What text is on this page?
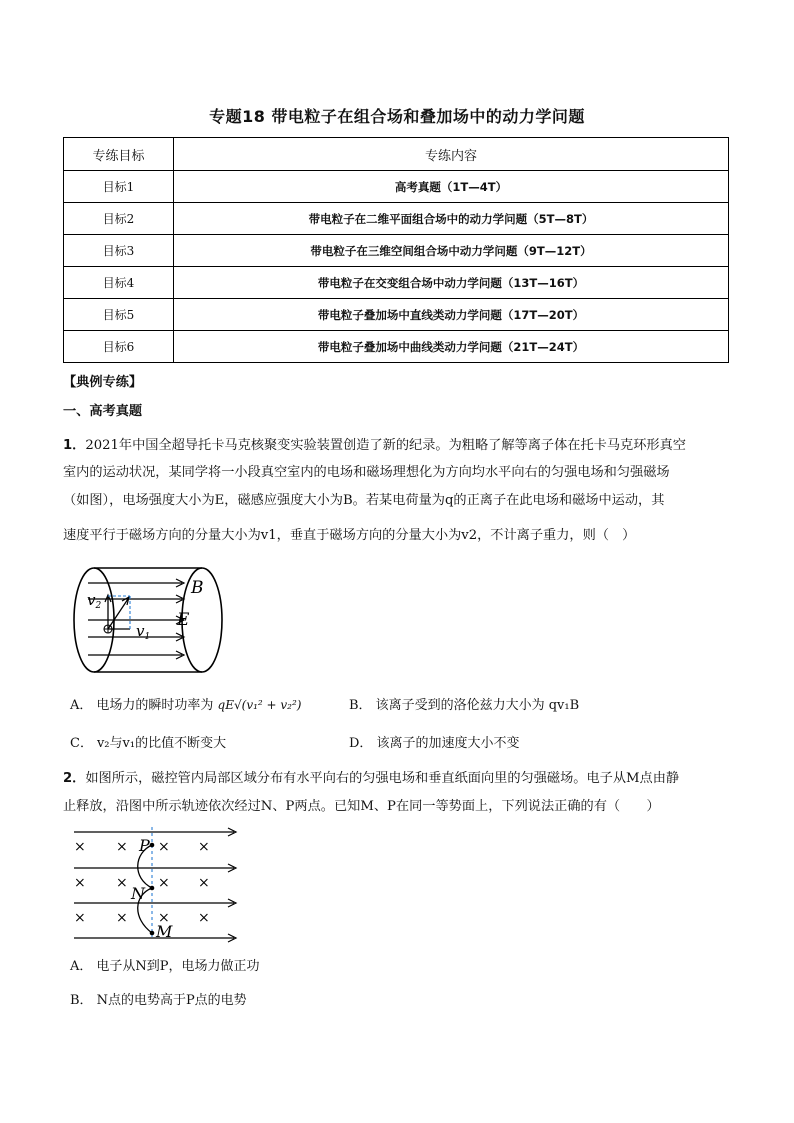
专题18 带电粒子在组合场和叠加场中的动力学问题
专练目标	专练内容
目标1	高考真题（1T—4T）
目标2	带电粒子在二维平面组合场中的动力学问题（5T—8T）
目标3	带电粒子在三维空间组合场中动力学问题（9T—12T）
目标4	带电粒子在交变组合场中动力学问题（13T—16T）
目标5	带电粒子叠加场中直线类动力学问题（17T—20T）
目标6	带电粒子叠加场中曲线类动力学问题（21T—24T）
【典例专练】
一、高考真题
1．2021年中国全超导托卡马克核聚变实验装置创造了新的纪录。为粗略了解等离子体在托卡马克环形真空
室内的运动状况，某同学将一小段真空室内的电场和磁场理想化为方向均水平向右的匀强电场和匀强磁场
（如图），电场强度大小为E，磁感应强度大小为B。若某电荷量为q的正离子在此电场和磁场中运动，其
速度平行于磁场方向的分量大小为v1，垂直于磁场方向的分量大小为v2，不计离子重力，则（　）
$v_2$
$v_1$
B
E
A． 电场力的瞬时功率为 qE√(v₁² + v₂²)	B． 该离子受到的洛伦兹力大小为 qv₁B
C． v₂与v₁的比值不断变大	D． 该离子的加速度大小不变
2．如图所示，磁控管内局部区域分布有水平向右的匀强电场和垂直纸面向里的匀强磁场。电子从M点由静
止释放，沿图中所示轨迹依次经过N、P两点。已知M、P在同一等势面上，下列说法正确的有（　　）
× × × ×
× × × ×
× × × ×
P
N
M
A． 电子从N到P，电场力做正功
B． N点的电势高于P点的电势
